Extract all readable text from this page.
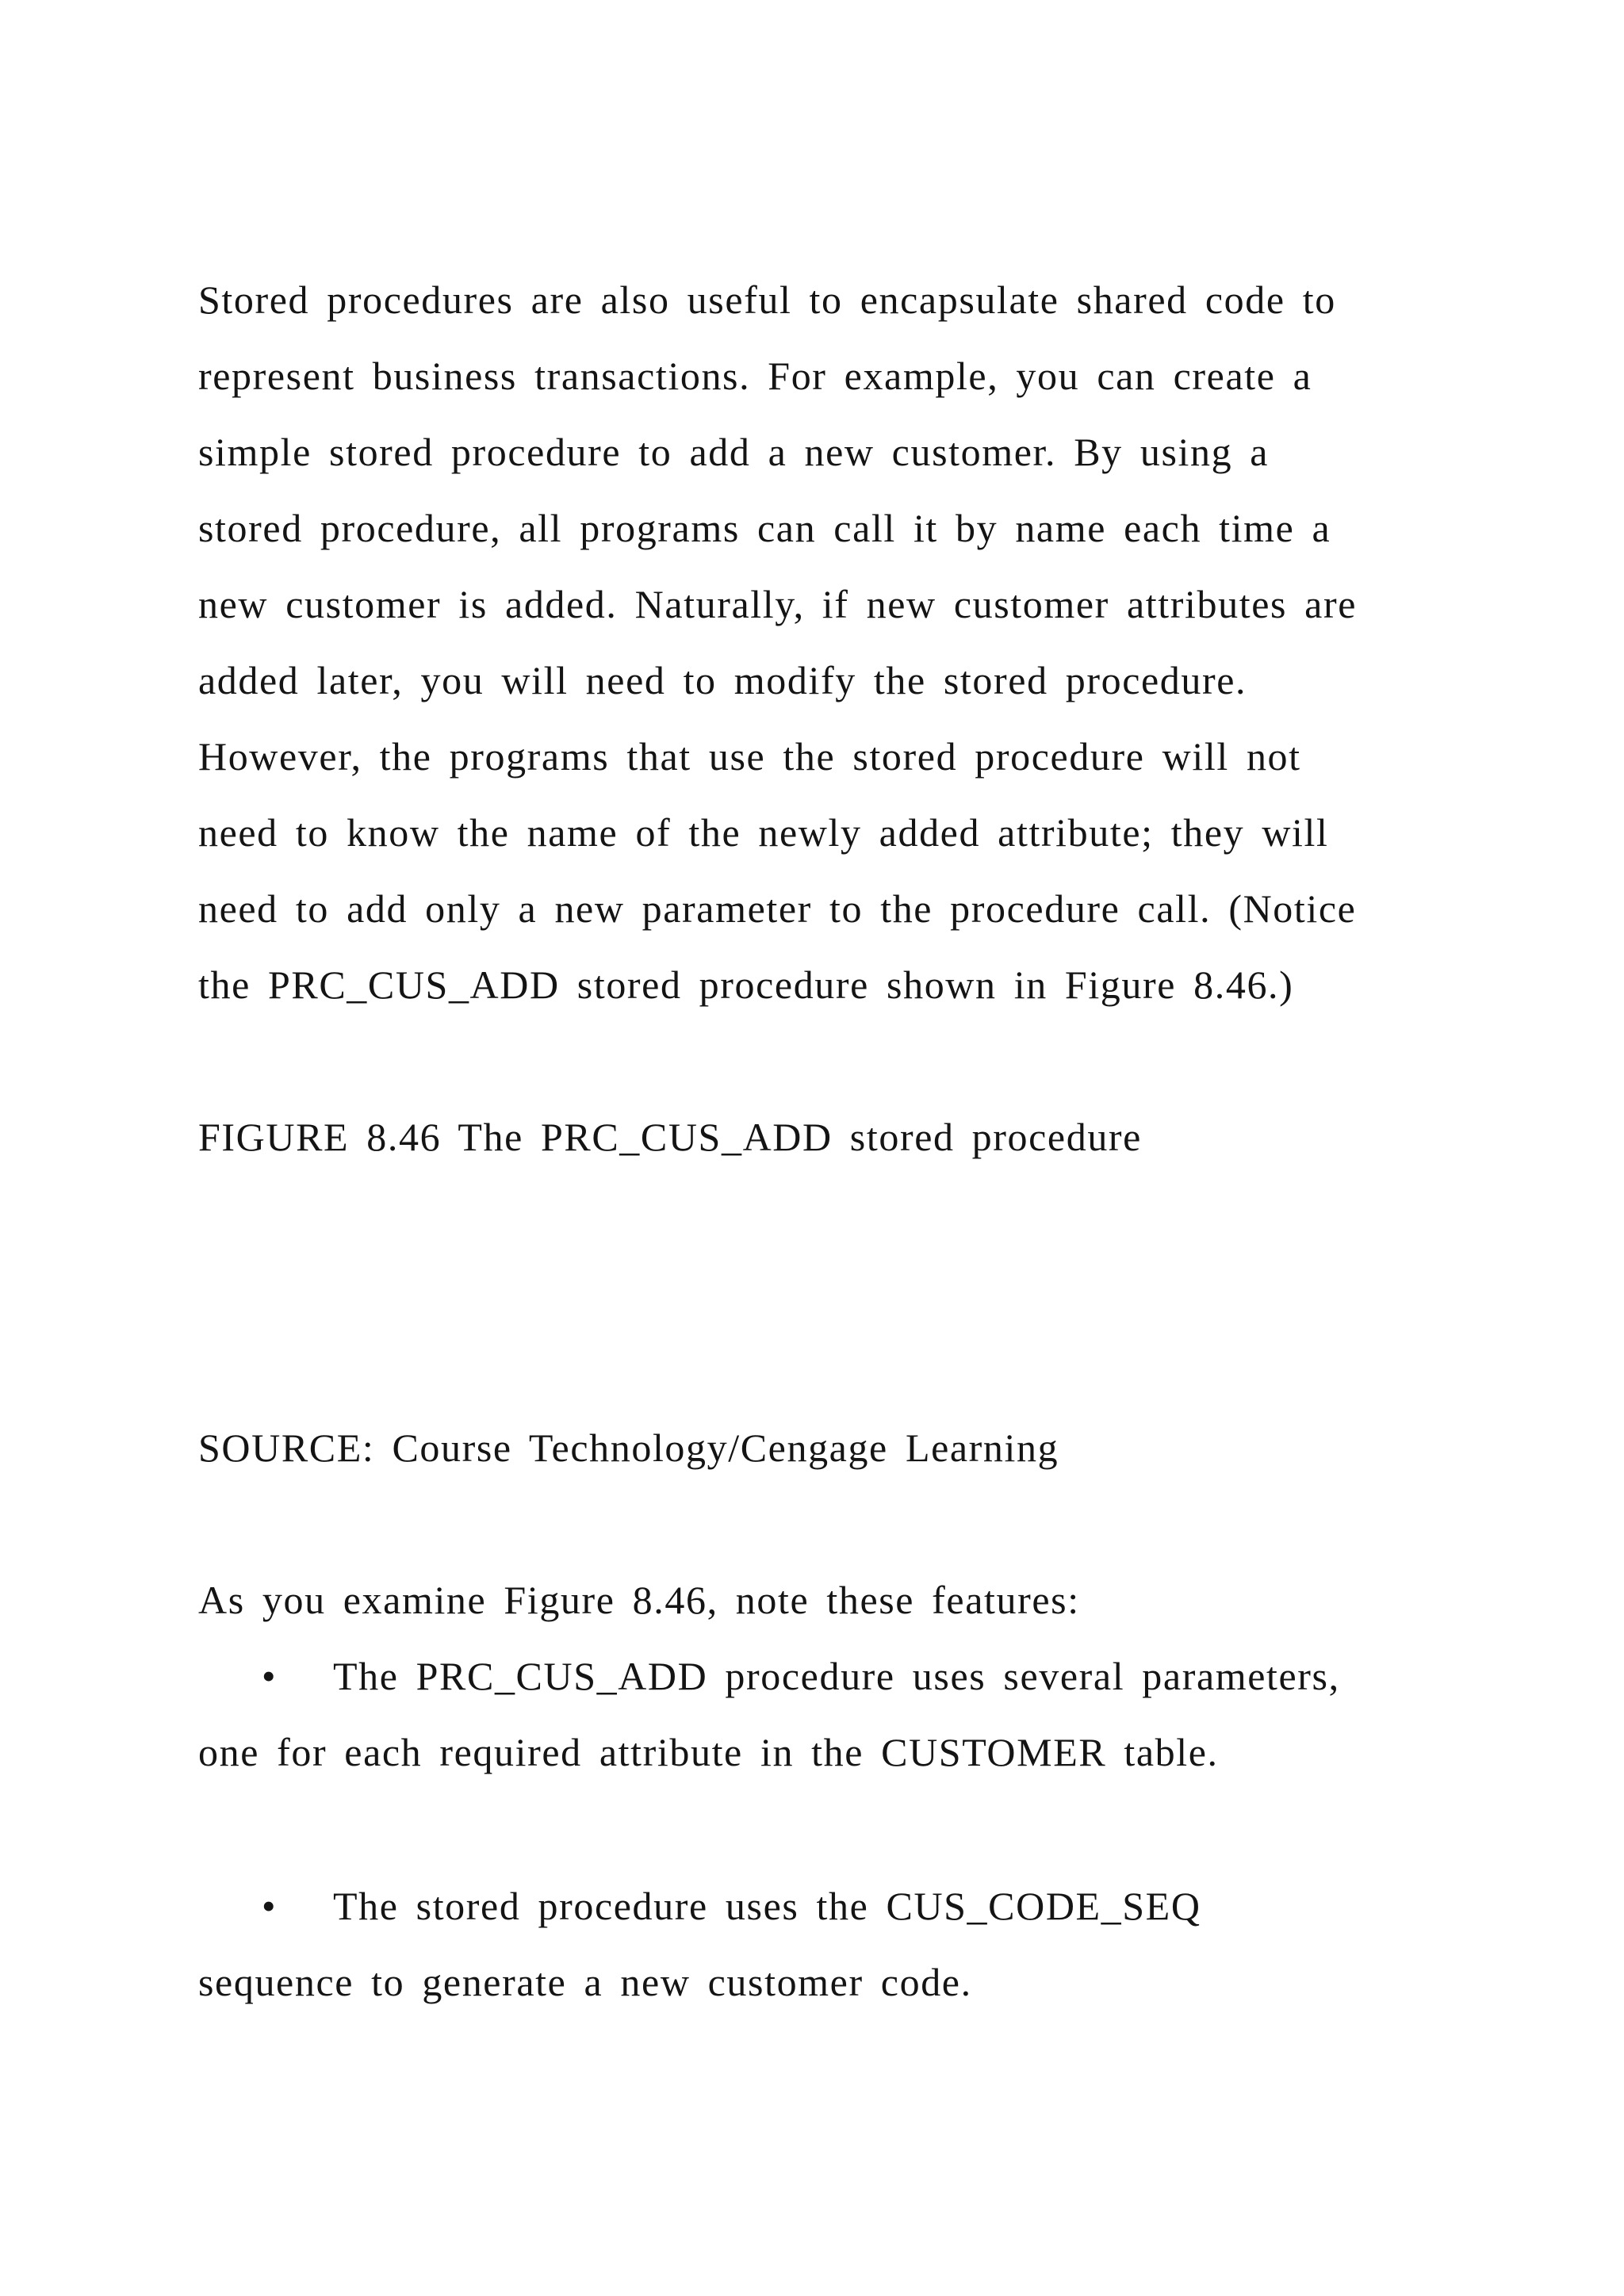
Stored procedures are also useful to encapsulate shared code to
represent business transactions. For example, you can create a
simple stored procedure to add a new customer. By using a
stored procedure, all programs can call it by name each time a
new customer is added. Naturally, if new customer attributes are
added later, you will need to modify the stored procedure.
However, the programs that use the stored procedure will not
need to know the name of the newly added attribute; they will
need to add only a new parameter to the procedure call. (Notice
the PRC_CUS_ADD stored procedure shown in Figure 8.46.)
FIGURE 8.46 The PRC_CUS_ADD stored procedure
SOURCE: Course Technology/Cengage Learning
As you examine Figure 8.46, note these features:
• The PRC_CUS_ADD procedure uses several parameters,
one for each required attribute in the CUSTOMER table.
• The stored procedure uses the CUS_CODE_SEQ
sequence to generate a new customer code.
